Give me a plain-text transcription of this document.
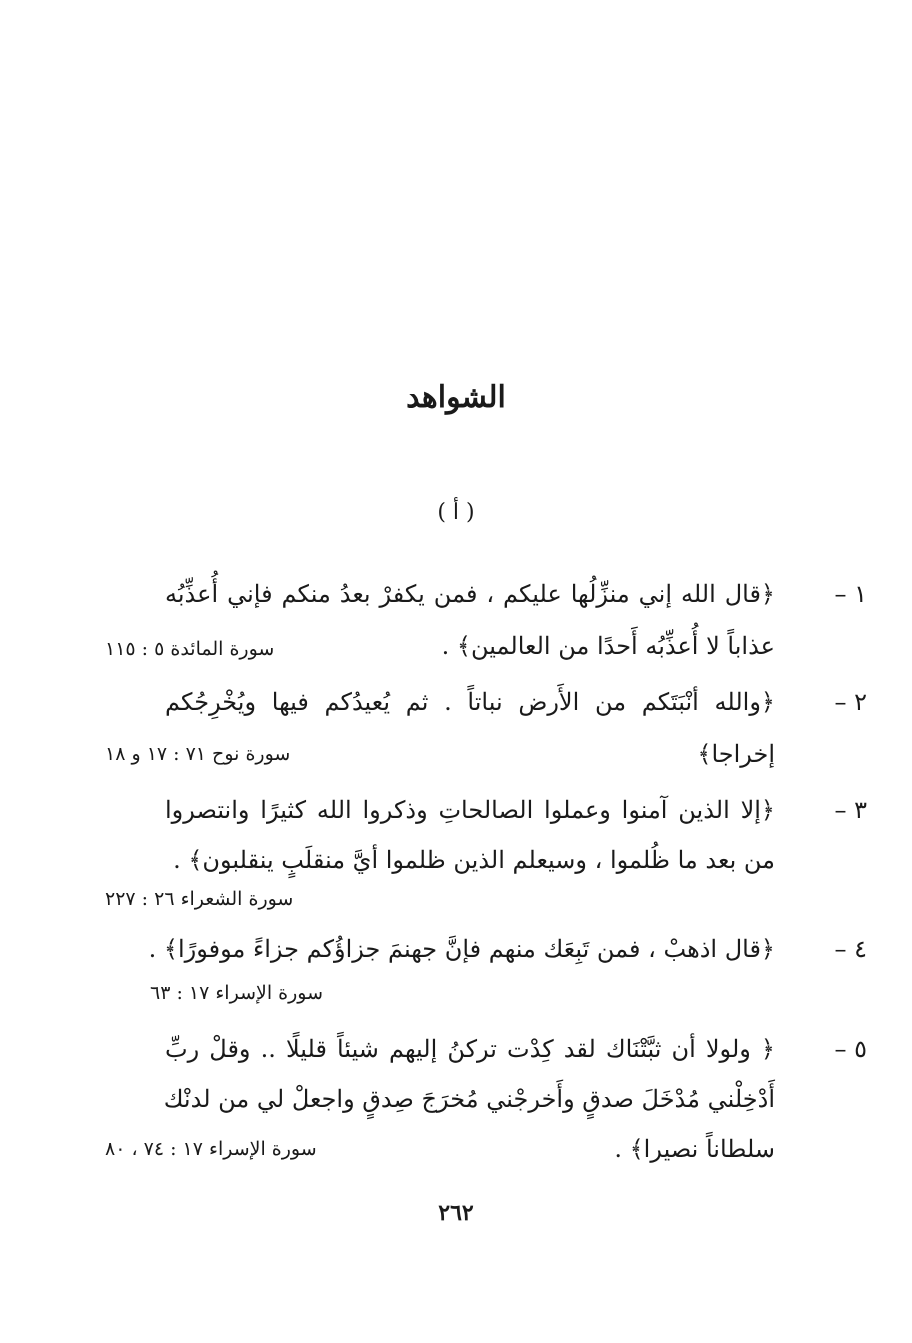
الشواهد
( أ )
١ –
﴿قال الله إني منزِّلُها عليكم ، فمن يكفرْ بعدُ منكم فإني أُعذِّبُه
عذاباً لا أُعذِّبُه أَحدًا من العالمين﴾ .
سورة المائدة ٥ : ١١٥
٢ –
﴿والله أنْبَتَكم من الأَرض نباتاً . ثم يُعيدُكم فيها ويُخْرِجُكم
إخراجا﴾
سورة نوح ٧١ : ١٧ و ١٨
٣ –
﴿إلا الذين آمنوا وعملوا الصالحاتِ وذكروا الله كثيرًا وانتصروا
من بعد ما ظُلموا ، وسيعلم الذين ظلموا أيَّ منقلَبٍ ينقلبون﴾ .
سورة الشعراء ٢٦ : ٢٢٧
٤ –
﴿قال اذهبْ ، فمن تَبِعَك منهم فإنَّ جهنمَ جزاؤُكم جزاءً موفورًا﴾ .
سورة الإسراء ١٧ : ٦٣
٥ –
﴿ ولولا أن ثبَّتْنَاك لقد كِدْت تركنُ إليهم شيئاً قليلًا .. وقلْ ربِّ
أَدْخِلْني مُدْخَلَ صدقٍ وأَخرجْني مُخرَجَ صِدقٍ واجعلْ لي من لدنْك
سلطاناً نصيرا﴾ .
سورة الإسراء ١٧ : ٧٤ ، ٨٠
٢٦٢
